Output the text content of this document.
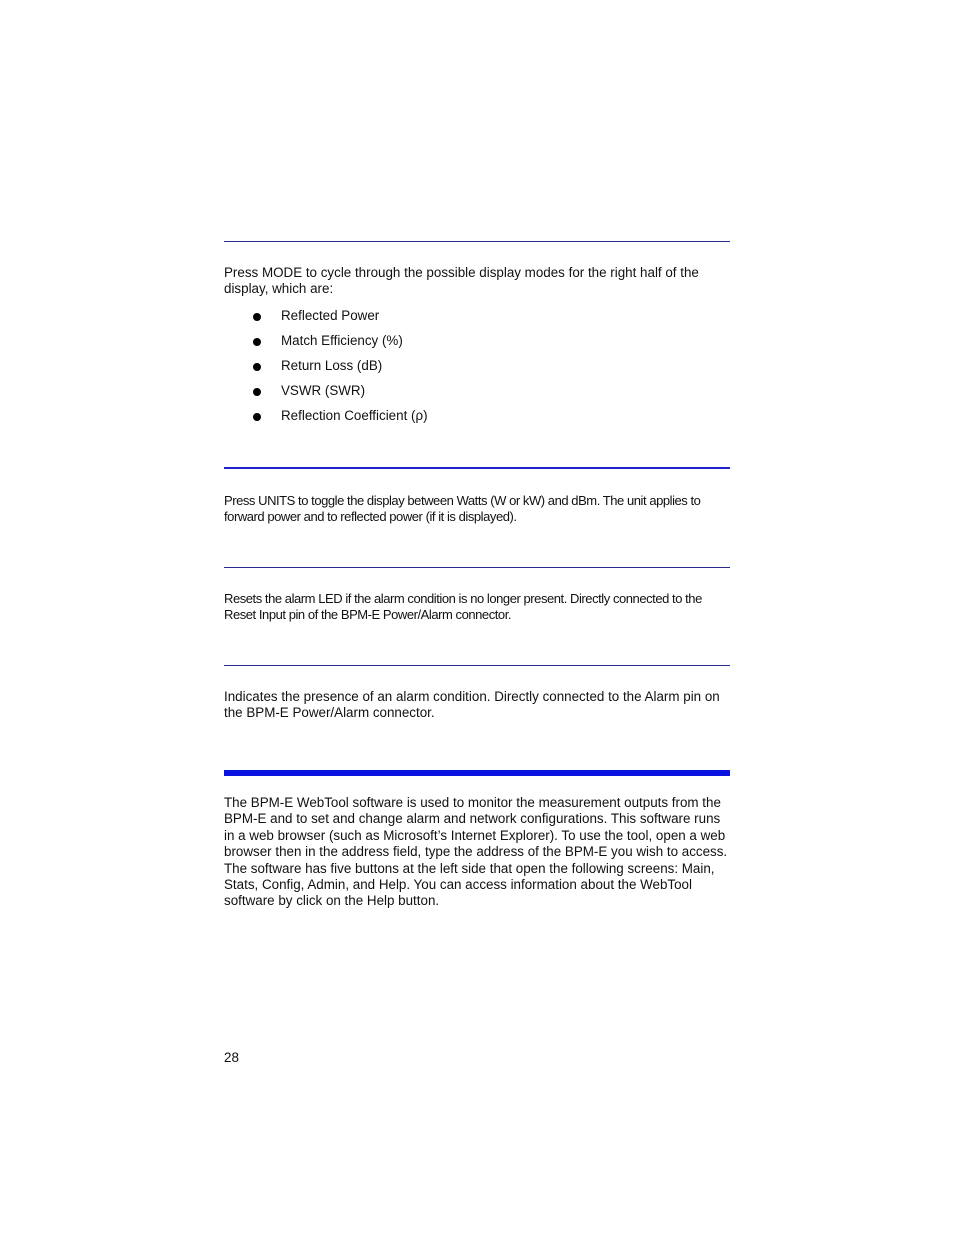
Press MODE to cycle through the possible display modes for the right half of the display, which are:

Reflected Power
Match Efficiency (%)
Return Loss (dB)
VSWR (SWR)
Reflection Coefficient (ρ)

Press UNITS to toggle the display between Watts (W or kW) and dBm. The unit applies to forward power and to reflected power (if it is displayed).

Resets the alarm LED if the alarm condition is no longer present. Directly connected to the Reset Input pin of the BPM-E Power/Alarm connector.

Indicates the presence of an alarm condition. Directly connected to the Alarm pin on the BPM-E Power/Alarm connector.

The BPM-E WebTool software is used to monitor the measurement outputs from the BPM-E and to set and change alarm and network configurations. This software runs in a web browser (such as Microsoft’s Internet Explorer). To use the tool, open a web browser then in the address field, type the address of the BPM-E you wish to access. The software has five buttons at the left side that open the following screens: Main, Stats, Config, Admin, and Help. You can access information about the WebTool software by click on the Help button.

28
